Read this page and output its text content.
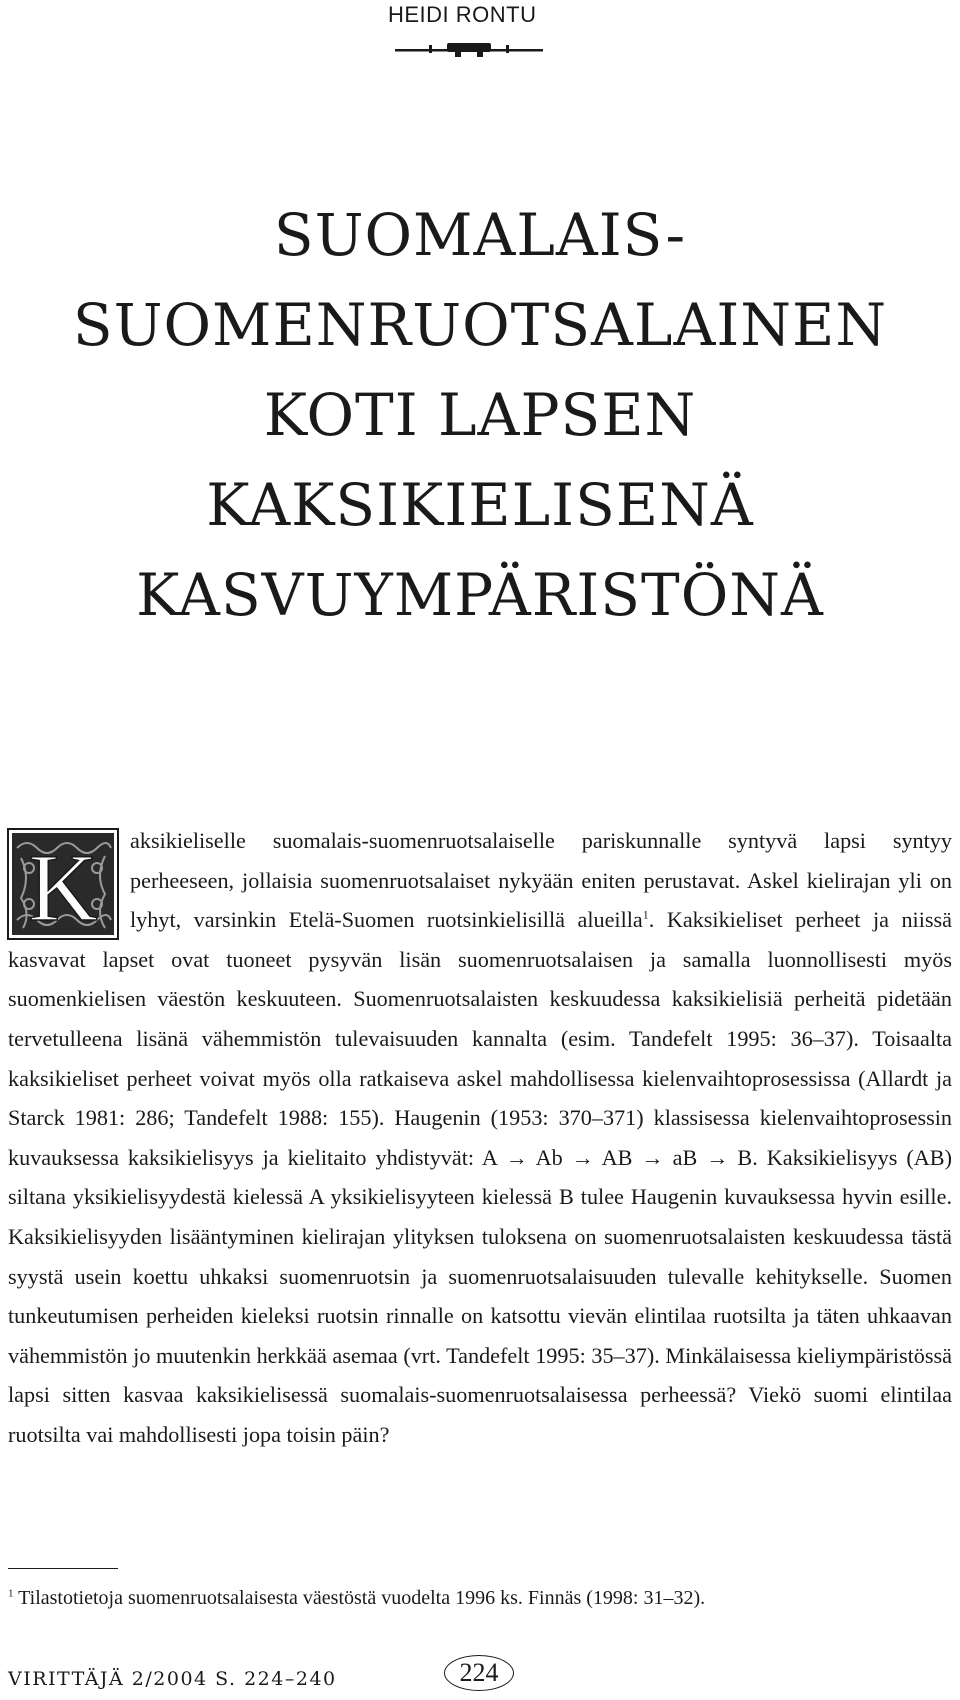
HEIDI RONTU
SUOMALAIS-
SUOMENRUOTSALAINEN
KOTI LAPSEN
KAKSIKIELISENÄ
KASVUYMPÄRISTÖNÄ
K	aksikieliselle suomalais-suomenruotsalaiselle pariskunnalle syntyvä lapsi syntyy perheeseen, jollaisia suomenruotsalaiset nykyään eniten perustavat. Askel kielirajan yli on lyhyt, varsinkin Etelä-Suomen ruotsinkielisillä alueilla$^1$. Kaksikieliset perheet ja niissä kasvavat lapset ovat tuoneet pysyvän lisän suomenruotsalaisen ja samalla luonnollisesti myös suomenkielisen väestön keskuuteen. Suomenruotsalaisten keskuudessa kaksikielisiä perheitä pidetään tervetulleena lisänä vähemmistön tulevaisuuden kannalta (esim. Tandefelt 1995: 36–37). Toisaalta kaksikieliset perheet voivat myös olla ratkaiseva askel mahdollisessa kielenvaihtoprosessissa (Allardt ja Starck 1981: 286; Tandefelt 1988: 155). Haugenin (1953: 370–371) klassisessa kielenvaihtoprosessin kuvauksessa kaksikielisyys ja kielitaito yhdistyvät: A → Ab → AB → aB → B. Kaksikielisyys (AB) siltana yksikielisyydestä kielessä A yksikielisyyteen kielessä B tulee Haugenin kuvauksessa hyvin esille. Kaksikielisyyden lisääntyminen kielirajan ylityksen tuloksena on suomenruotsalaisten keskuudessa tästä syystä usein koettu uhkaksi suomenruotsin ja suomenruotsalaisuuden tulevalle kehitykselle. Suomen tunkeutumisen perheiden kieleksi ruotsin rinnalle on katsottu vievän elintilaa ruotsilta ja täten uhkaavan vähemmistön jo muutenkin herkkää asemaa (vrt. Tandefelt 1995: 35–37). Minkälaisessa kieliympäristössä lapsi sitten kasvaa kaksikielisessä suomalais-suomenruotsalaisessa perheessä? Viekö suomi elintilaa ruotsilta vai mahdollisesti jopa toisin päin?

$^1$ Tilastotietoja suomenruotsalaisesta väestöstä vuodelta 1996 ks. Finnäs (1998: 31–32).

VIRITTÄJÄ 2/2004 S. 224–240	224
